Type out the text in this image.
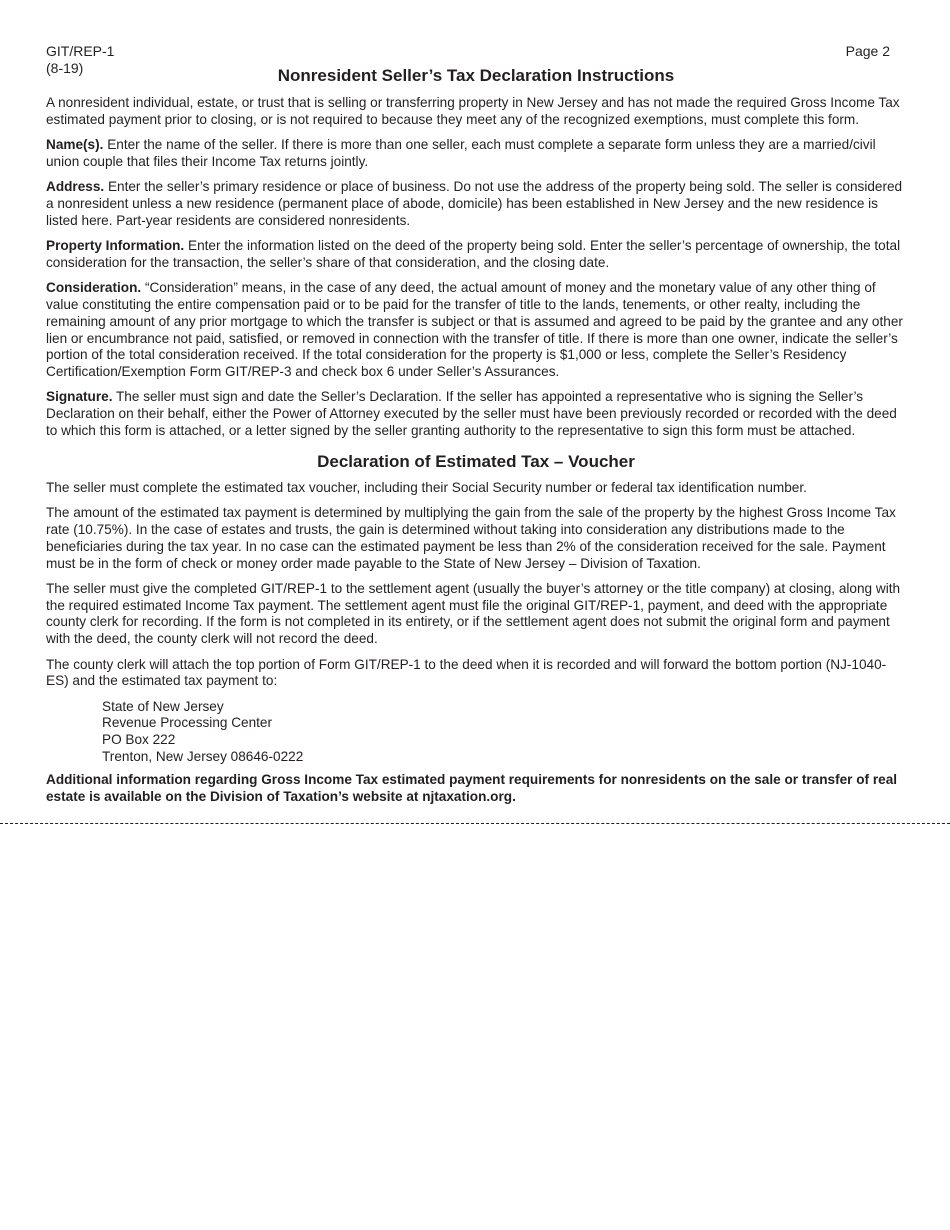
GIT/REP-1
(8-19)
Page 2
Nonresident Seller’s Tax Declaration Instructions

A nonresident individual, estate, or trust that is selling or transferring property in New Jersey and has not made the required Gross Income Tax estimated payment prior to closing, or is not required to because they meet any of the recognized exemptions, must complete this form.

Name(s). Enter the name of the seller. If there is more than one seller, each must complete a separate form unless they are a married/civil union couple that files their Income Tax returns jointly.

Address. Enter the seller’s primary residence or place of business. Do not use the address of the property being sold. The seller is considered a nonresident unless a new residence (permanent place of abode, domicile) has been established in New Jersey and the new residence is listed here. Part-year residents are considered nonresidents.

Property Information. Enter the information listed on the deed of the property being sold. Enter the seller’s percentage of ownership, the total consideration for the transaction, the seller’s share of that consideration, and the closing date.

Consideration. “Consideration” means, in the case of any deed, the actual amount of money and the monetary value of any other thing of value constituting the entire compensation paid or to be paid for the transfer of title to the lands, tenements, or other realty, including the remaining amount of any prior mortgage to which the transfer is subject or that is assumed and agreed to be paid by the grantee and any other lien or encumbrance not paid, satisfied, or removed in connection with the transfer of title. If there is more than one owner, indicate the seller’s portion of the total consideration received. If the total consideration for the property is $1,000 or less, complete the Seller’s Residency Certification/Exemption Form GIT/REP-3 and check box 6 under Seller’s Assurances.

Signature. The seller must sign and date the Seller’s Declaration. If the seller has appointed a representative who is signing the Seller’s Declaration on their behalf, either the Power of Attorney executed by the seller must have been previously recorded or recorded with the deed to which this form is attached, or a letter signed by the seller granting authority to the representative to sign this form must be attached.

Declaration of Estimated Tax – Voucher

The seller must complete the estimated tax voucher, including their Social Security number or federal tax identification number.

The amount of the estimated tax payment is determined by multiplying the gain from the sale of the property by the highest Gross Income Tax rate (10.75%). In the case of estates and trusts, the gain is determined without taking into consideration any distributions made to the beneficiaries during the tax year. In no case can the estimated payment be less than 2% of the consideration received for the sale. Payment must be in the form of check or money order made payable to the State of New Jersey – Division of Taxation.

The seller must give the completed GIT/REP-1 to the settlement agent (usually the buyer’s attorney or the title company) at closing, along with the required estimated Income Tax payment. The settlement agent must file the original GIT/REP-1, payment, and deed with the appropriate county clerk for recording. If the form is not completed in its entirety, or if the settlement agent does not submit the original form and payment with the deed, the county clerk will not record the deed.

The county clerk will attach the top portion of Form GIT/REP-1 to the deed when it is recorded and will forward the bottom portion (NJ-1040-ES) and the estimated tax payment to:

State of New Jersey
Revenue Processing Center
PO Box 222
Trenton, New Jersey 08646-0222

Additional information regarding Gross Income Tax estimated payment requirements for nonresidents on the sale or transfer of real estate is available on the Division of Taxation’s website at njtaxation.org.
